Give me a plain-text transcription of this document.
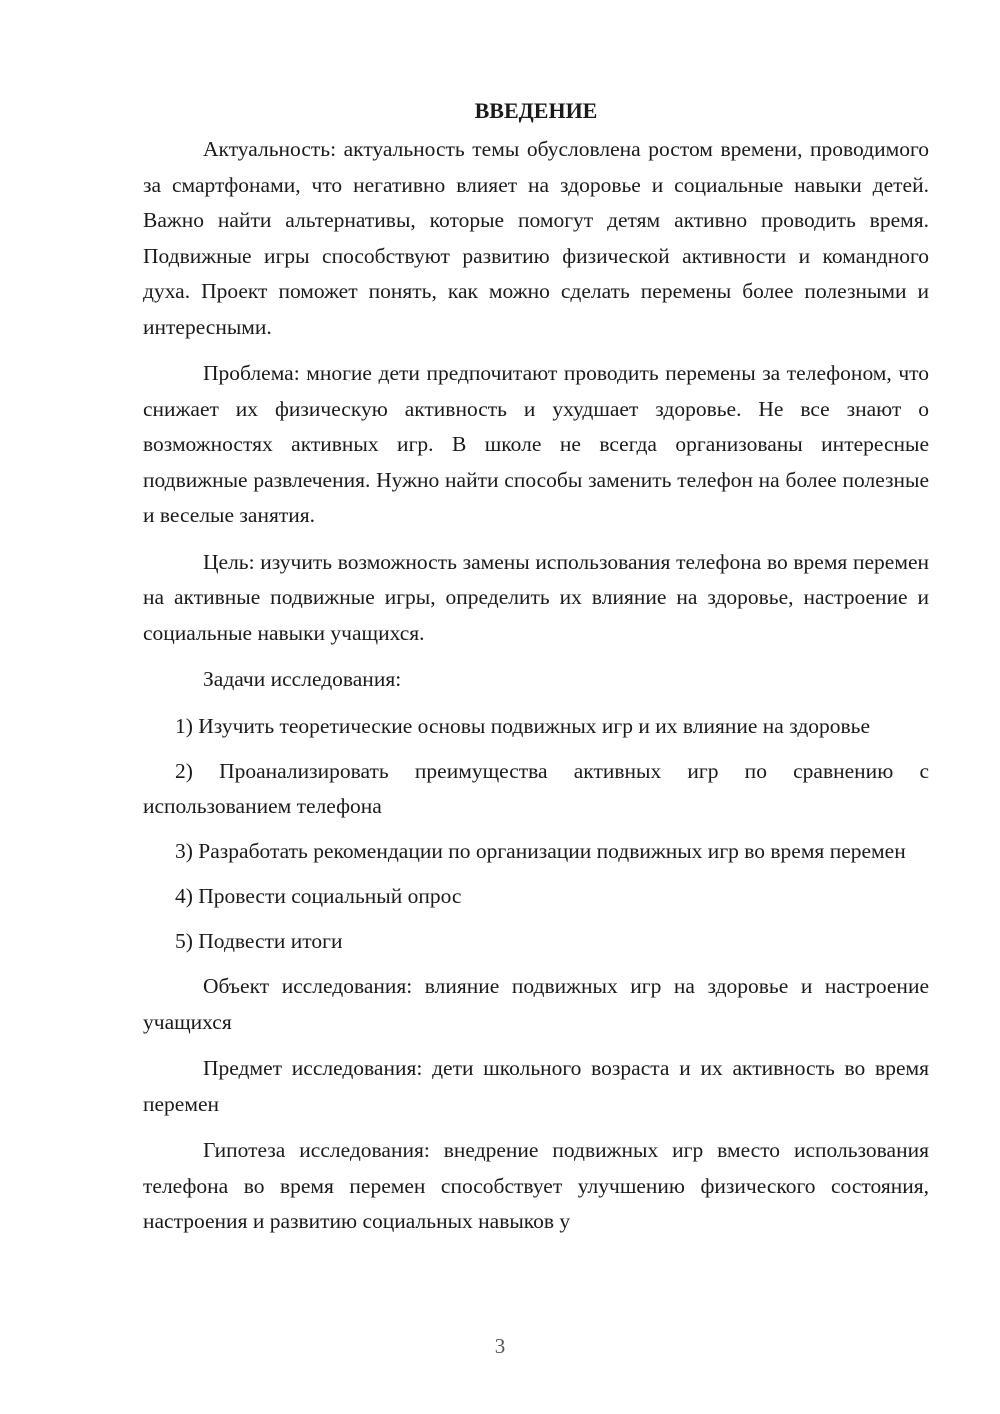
ВВЕДЕНИЕ

Актуальность: актуальность темы обусловлена ростом времени, проводимого за смартфонами, что негативно влияет на здоровье и социальные навыки детей. Важно найти альтернативы, которые помогут детям активно проводить время. Подвижные игры способствуют развитию физической активности и командного духа. Проект поможет понять, как можно сделать перемены более полезными и интересными.

Проблема: многие дети предпочитают проводить перемены за телефоном, что снижает их физическую активность и ухудшает здоровье. Не все знают о возможностях активных игр. В школе не всегда организованы интересные подвижные развлечения. Нужно найти способы заменить телефон на более полезные и веселые занятия.

Цель: изучить возможность замены использования телефона во время перемен на активные подвижные игры, определить их влияние на здоровье, настроение и социальные навыки учащихся.

Задачи исследования:

1) Изучить теоретические основы подвижных игр и их влияние на здоровье

2) Проанализировать преимущества активных игр по сравнению с использованием телефона

3) Разработать рекомендации по организации подвижных игр во время перемен

4) Провести социальный опрос

5) Подвести итоги

Объект исследования: влияние подвижных игр на здоровье и настроение учащихся

Предмет исследования: дети школьного возраста и их активность во время перемен

Гипотеза исследования: внедрение подвижных игр вместо использования телефона во время перемен способствует улучшению физического состояния, настроения и развитию социальных навыков у

3
